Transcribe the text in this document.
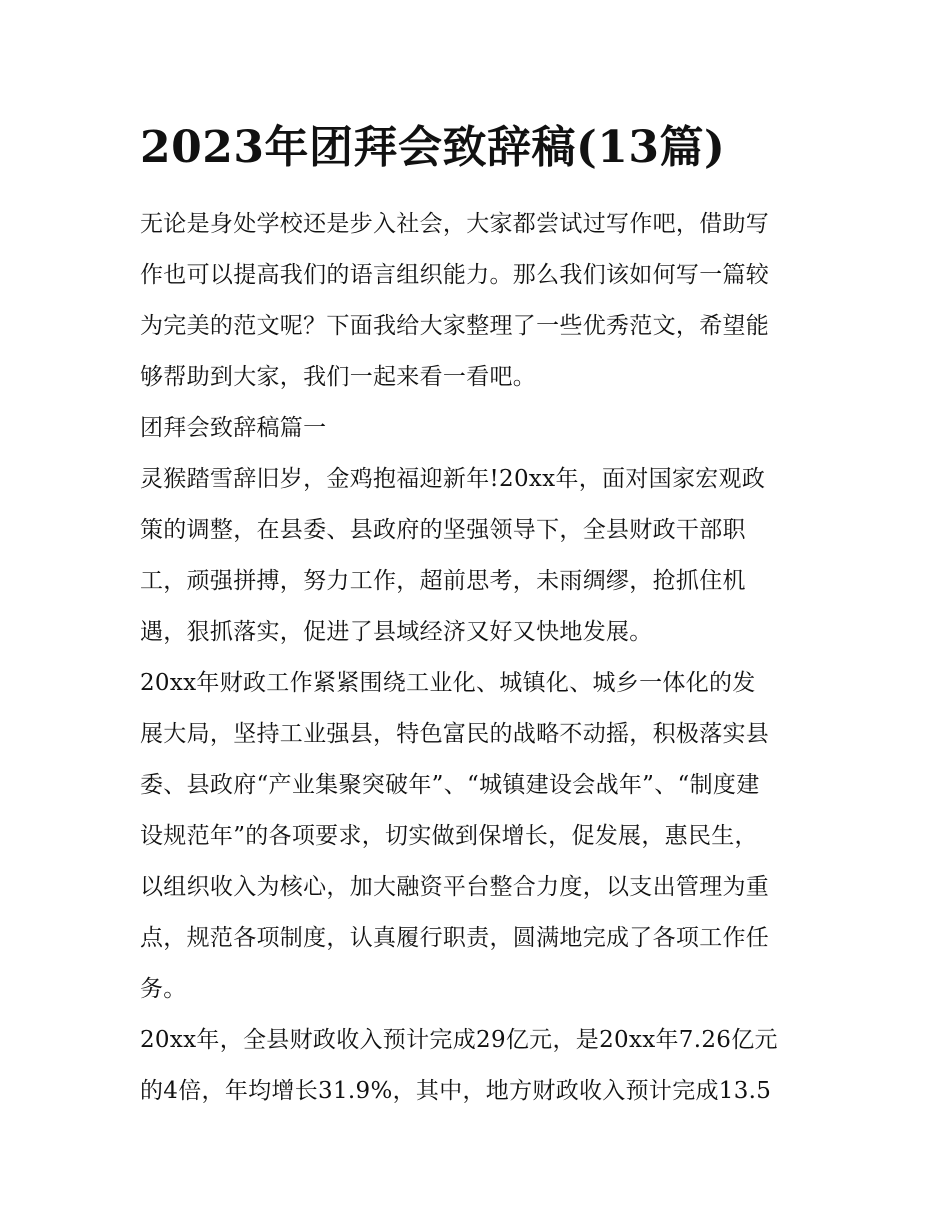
2023年团拜会致辞稿(13篇)
无论是身处学校还是步入社会，大家都尝试过写作吧，借助写
作也可以提高我们的语言组织能力。那么我们该如何写一篇较
为完美的范文呢？下面我给大家整理了一些优秀范文，希望能
够帮助到大家，我们一起来看一看吧。
团拜会致辞稿篇一
灵猴踏雪辞旧岁，金鸡抱福迎新年!20xx年，面对国家宏观政
策的调整，在县委、县政府的坚强领导下，全县财政干部职
工，顽强拼搏，努力工作，超前思考，未雨绸缪，抢抓住机
遇，狠抓落实，促进了县域经济又好又快地发展。
20xx年财政工作紧紧围绕工业化、城镇化、城乡一体化的发
展大局，坚持工业强县，特色富民的战略不动摇，积极落实县
委、县政府“产业集聚突破年”、“城镇建设会战年”、“制度建
设规范年”的各项要求，切实做到保增长，促发展，惠民生，
以组织收入为核心，加大融资平台整合力度，以支出管理为重
点，规范各项制度，认真履行职责，圆满地完成了各项工作任
务。
20xx年，全县财政收入预计完成29亿元，是20xx年7.26亿元
的4倍，年均增长31.9%，其中，地方财政收入预计完成13.5
